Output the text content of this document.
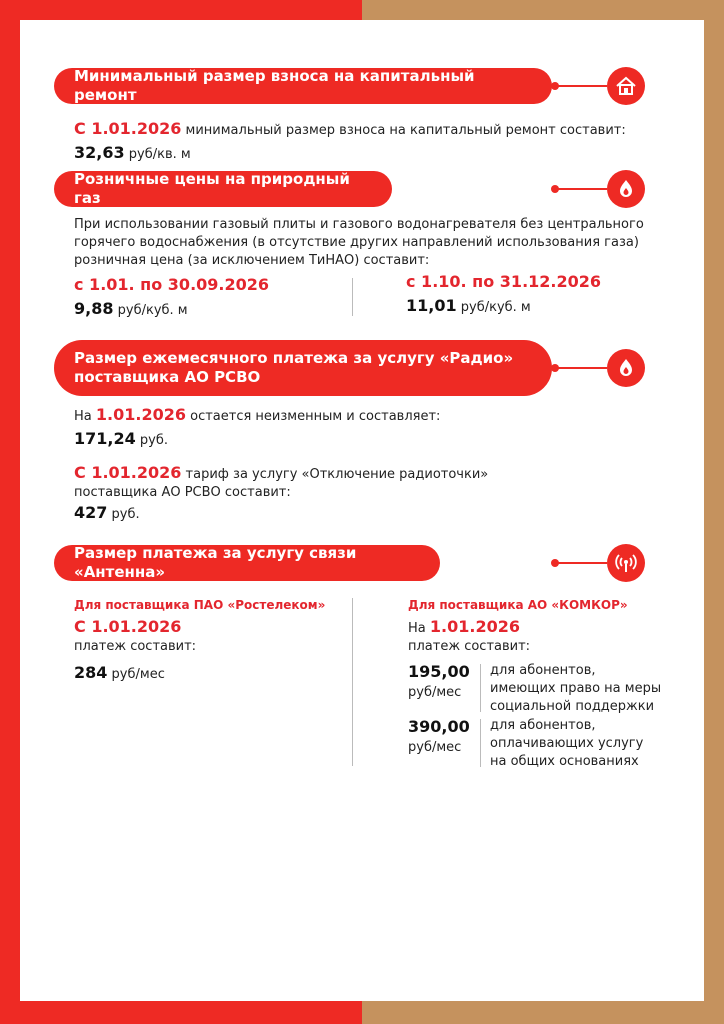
Минимальный размер взноса на капитальный ремонт
С 1.01.2026 минимальный размер взноса на капитальный ремонт составит:
32,63 руб/кв. м
Розничные цены на природный газ
При использовании газовый плиты и газового водонагревателя без центрального
горячего водоснабжения (в отсутствие других направлений использования газа)
розничная цена (за исключением ТиНАО) составит:
с 1.01. по 30.09.2026
9,88 руб/куб. м
с 1.10. по 31.12.2026
11,01 руб/куб. м
Размер ежемесячного платежа за услугу «Радио»
поставщика АО РСВО
На 1.01.2026 остается неизменным и составляет:
171,24 руб.
С 1.01.2026 тариф за услугу «Отключение радиоточки»
поставщика АО РСВО составит:
427 руб.
Размер платежа за услугу связи «Антенна»
Для поставщика ПАО «Ростелеком»
С 1.01.2026
платеж составит:
284 руб/мес
Для поставщика АО «КОМКОР»
На 1.01.2026
платеж составит:
195,00
руб/мес
для абонентов,
имеющих право на меры
социальной поддержки
390,00
руб/мес
для абонентов,
оплачивающих услугу
на общих основаниях
